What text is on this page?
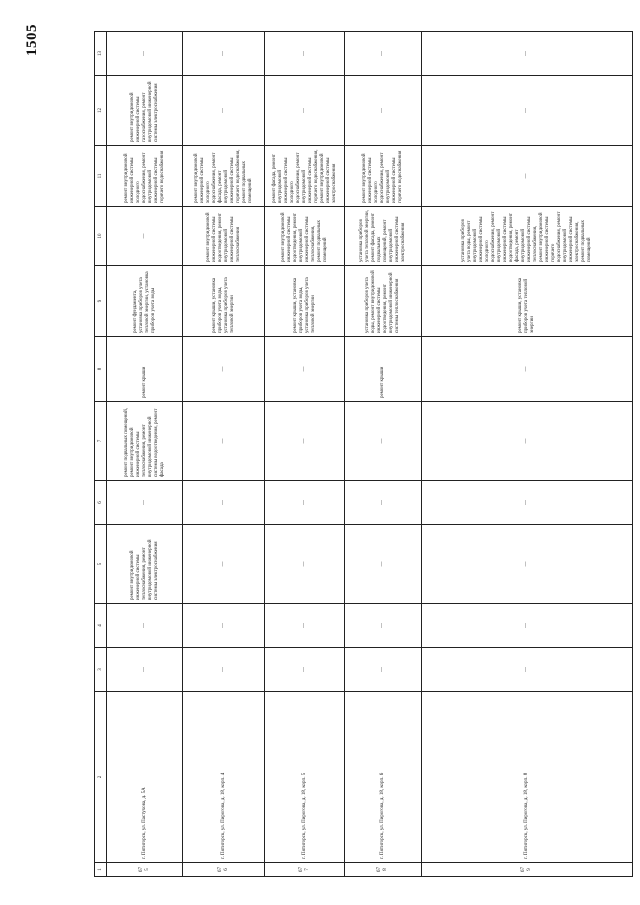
1505
1	2	3	4	5	6	7	8	9	10	11	12	13
675	г. Пятигорск, ул. Пастухова, д. 5А	—	—	ремонт внутридомовой инженерной системы теплоснабжения, ремонт внутридомовой инженерной системы электроснабжения	—	ремонт подвальных помещений, ремонт внутридомовой инженерной системы теплоснабжения, ремонт внутридомовой инженерной системы водоотведения, ремонт фасада	ремонт крыши	ремонт фундамента, установка приборов учета тепловой энергии, установка приборов учета воды	—	ремонт внутридомовой инженерной системы холодного водоснабжения, ремонт внутридомовой инженерной системы горячего водоснабжения	ремонт внутридомовой инженерной системы газоснабжения, ремонт внутридомовой инженерной системы электроснабжения	—
676	г. Пятигорск, ул. Пирогова, д. 18, корп. 4	—	—	—	—	—	—	ремонт крыши, установка приборов учета воды, установка приборов учета тепловой энергии	ремонт внутридомовой инженерной системы водоотведения, ремонт внутридомовой инженерной системы теплоснабжения	ремонт внутридомовой инженерной системы холодного водоснабжения, ремонт фасада, ремонт внутридомовой инженерной системы горячего водоснабжения, ремонт подвальных помещений	—	—
677	г. Пятигорск, ул. Пирогова, д. 18, корп. 5	—	—	—	—	—	—	ремонт крыши, установка приборов учета воды, установка приборов учета тепловой энергии	ремонт внутридомовой инженерной системы водоотведения, ремонт внутридомовой инженерной системы теплоснабжения, ремонт подвальных помещений	ремонт фасада, ремонт внутридомовой инженерной системы холодного водоснабжения, ремонт внутридомовой инженерной системы горячего водоснабжения, ремонт внутридомовой инженерной системы электроснабжения	—	—
678	г. Пятигорск, ул. Пирогова, д. 18, корп. 6	—	—	—	—	—	ремонт крыши	установка приборов учета воды, ремонт внутридомовой инженерной системы водоотведения, ремонт внутридомовой инженерной системы теплоснабжения	установка приборов учета тепловой энергии, ремонт фасада, ремонт подвальных помещений, ремонт внутридомовой инженерной системы электроснабжения	ремонт внутридомовой инженерной системы холодного водоснабжения, ремонт внутридомовой инженерной системы горячего водоснабжения	—	—
679	г. Пятигорск, ул. Пирогова, д. 18, корп. 8	—	—	—	—	—	—	ремонт крыши, установка приборов учета тепловой энергии	установка приборов учета воды, ремонт внутридомовой инженерной системы холодного водоснабжения, ремонт внутридомовой инженерной системы водоотведения, ремонт фасада, ремонт внутридомовой инженерной системы теплоснабжения, ремонт внутридомовой инженерной системы горячего водоснабжения, ремонт внутридомовой инженерной системы электроснабжения, ремонт подвальных помещений	—	—	—
